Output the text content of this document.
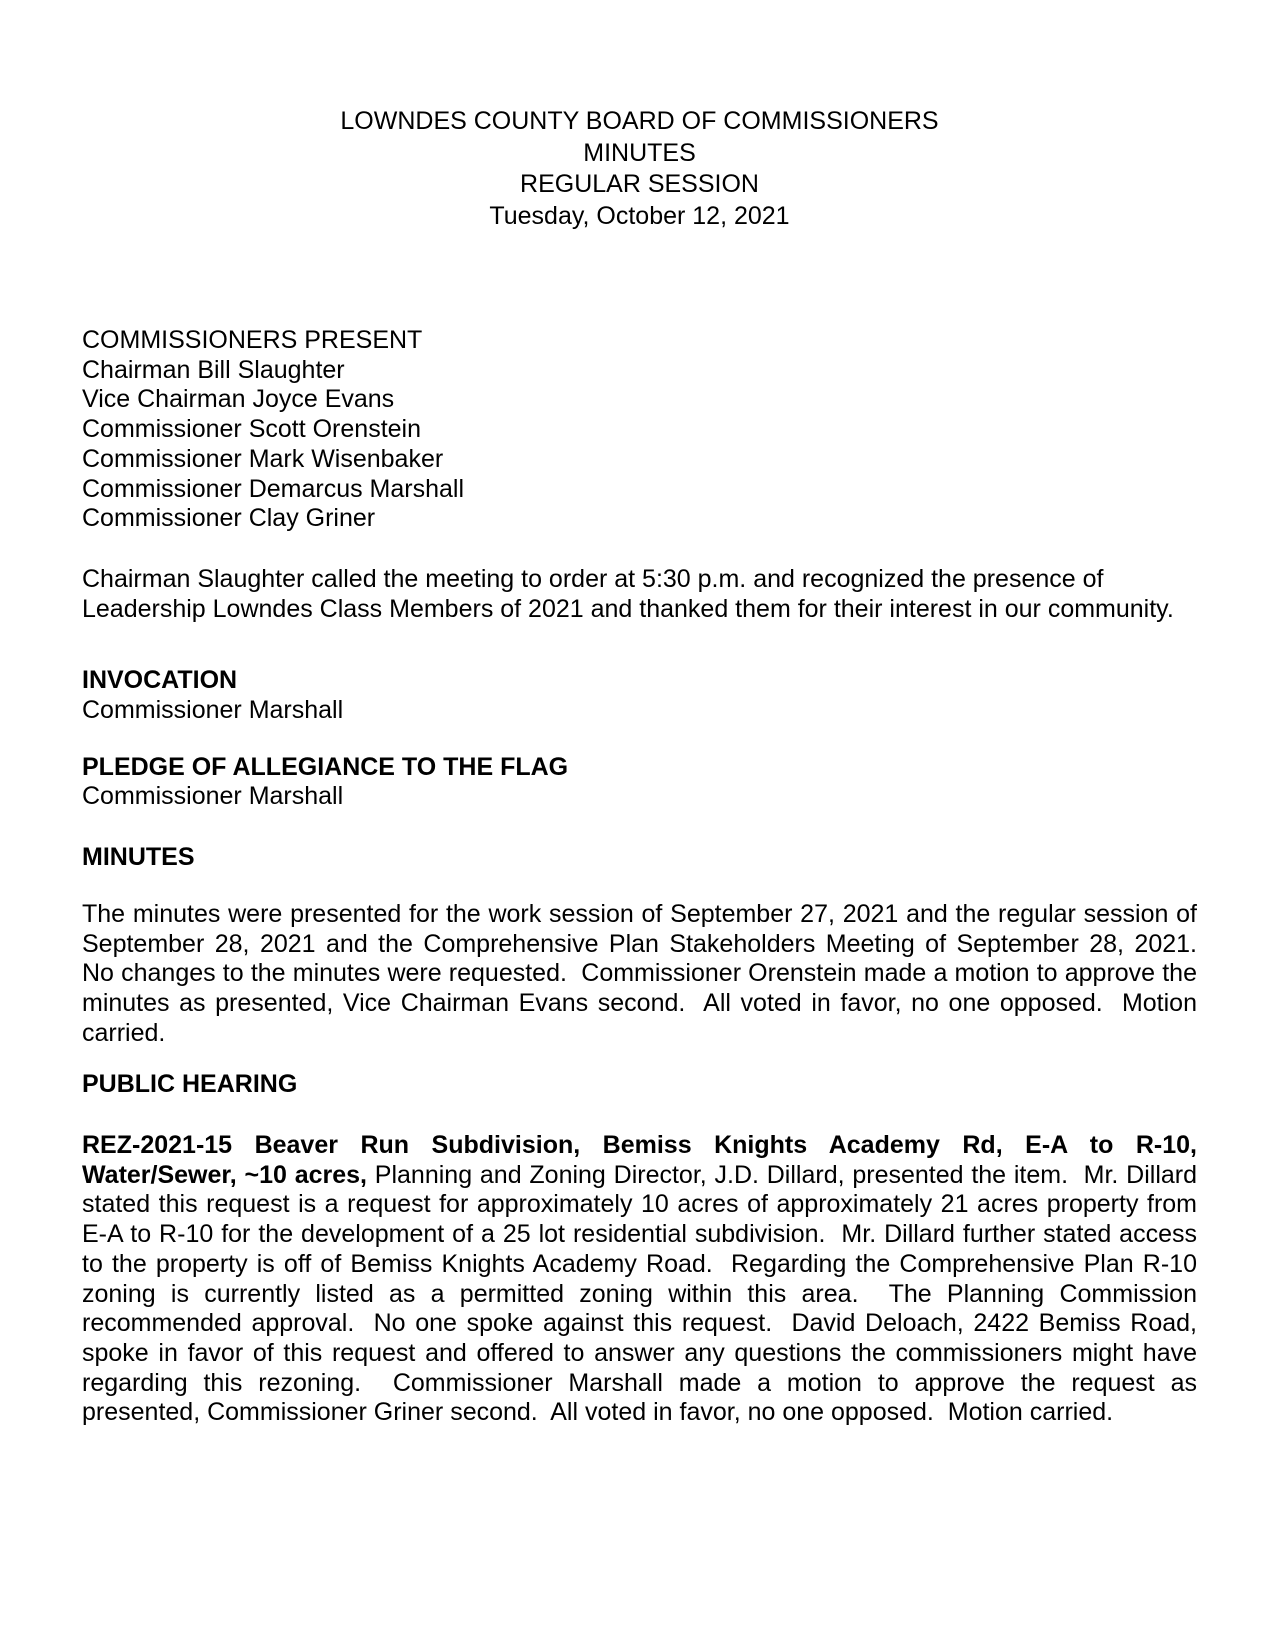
LOWNDES COUNTY BOARD OF COMMISSIONERS
MINUTES
REGULAR SESSION
Tuesday, October 12, 2021
COMMISSIONERS PRESENT
Chairman Bill Slaughter
Vice Chairman Joyce Evans
Commissioner Scott Orenstein
Commissioner Mark Wisenbaker
Commissioner Demarcus Marshall
Commissioner Clay Griner

Chairman Slaughter called the meeting to order at 5:30 p.m. and recognized the presence of Leadership Lowndes Class Members of 2021 and thanked them for their interest in our community.

INVOCATION
Commissioner Marshall
PLEDGE OF ALLEGIANCE TO THE FLAG
Commissioner Marshall
MINUTES

The minutes were presented for the work session of September 27, 2021 and the regular session of September 28, 2021 and the Comprehensive Plan Stakeholders Meeting of September 28, 2021.  No changes to the minutes were requested.  Commissioner Orenstein made a motion to approve the minutes as presented, Vice Chairman Evans second.  All voted in favor, no one opposed.  Motion carried.

PUBLIC HEARING

REZ-2021-15 Beaver Run Subdivision, Bemiss Knights Academy Rd, E-A to R-10, Water/Sewer, ~10 acres, Planning and Zoning Director, J.D. Dillard, presented the item.  Mr. Dillard stated this request is a request for approximately 10 acres of approximately 21 acres property from E-A to R-10 for the development of a 25 lot residential subdivision.  Mr. Dillard further stated access to the property is off of Bemiss Knights Academy Road.  Regarding the Comprehensive Plan R-10 zoning is currently listed as a permitted zoning within this area.  The Planning Commission recommended approval.  No one spoke against this request.  David Deloach, 2422 Bemiss Road, spoke in favor of this request and offered to answer any questions the commissioners might have regarding this rezoning.  Commissioner Marshall made a motion to approve the request as presented, Commissioner Griner second.  All voted in favor, no one opposed.  Motion carried.
